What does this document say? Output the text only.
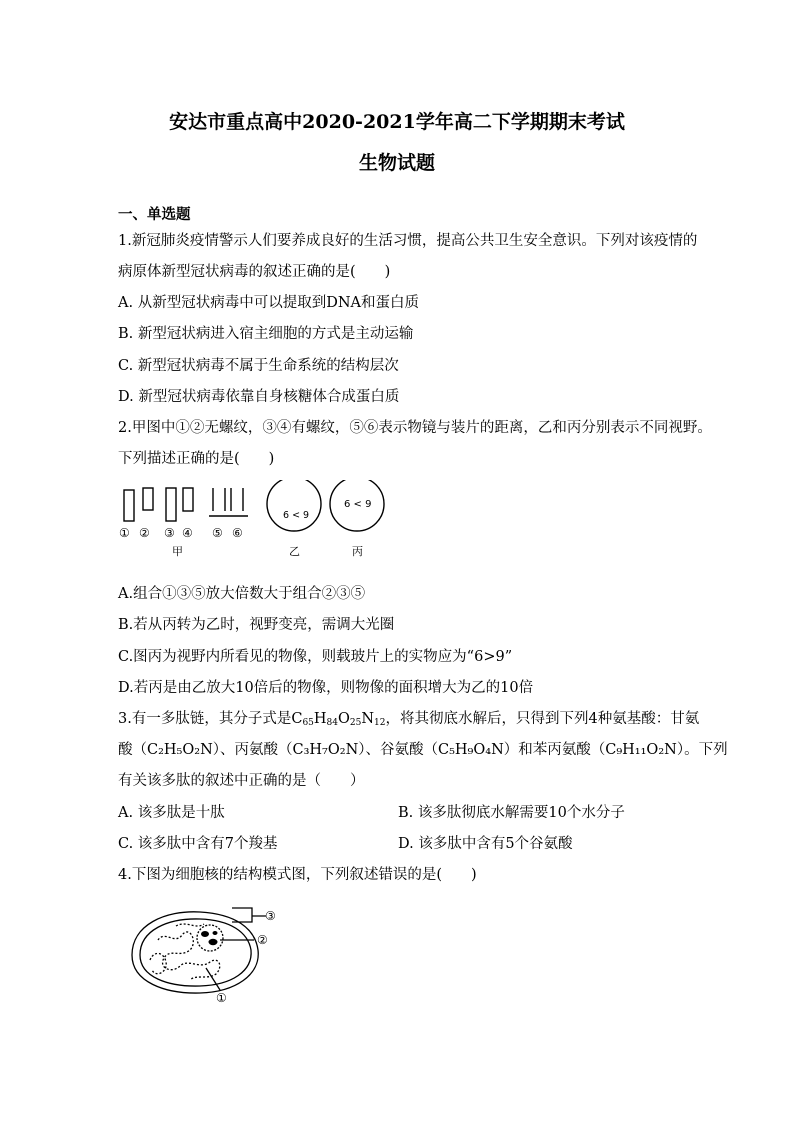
安达市重点高中2020-2021学年高二下学期期末考试
生物试题
一、单选题
1.新冠肺炎疫情警示人们要养成良好的生活习惯，提高公共卫生安全意识。下列对该疫情的
病原体新型冠状病毒的叙述正确的是(　　)
A. 从新型冠状病毒中可以提取到DNA和蛋白质
B. 新型冠状病进入宿主细胞的方式是主动运输
C. 新型冠状病毒不属于生命系统的结构层次
D. 新型冠状病毒依靠自身核糖体合成蛋白质
2.甲图中①②无螺纹，③④有螺纹，⑤⑥表示物镜与装片的距离，乙和丙分别表示不同视野。
下列描述正确的是(　　)
① ② ③ ④ ⑤ ⑥
甲	乙	丙
6 < 9
6 < 9
A.组合①③⑤放大倍数大于组合②③⑤
B.若从丙转为乙时，视野变亮，需调大光圈
C.图丙为视野内所看见的物像，则载玻片上的实物应为“6>9”
D.若丙是由乙放大10倍后的物像，则物像的面积增大为乙的10倍
3.有一多肽链，其分子式是$C_{65}H_{84}O_{25}N_{12}$，将其彻底水解后，只得到下列4种氨基酸：甘氨
酸（C₂H₅O₂N）、丙氨酸（C₃H₇O₂N）、谷氨酸（C₅H₉O₄N）和苯丙氨酸（C₉H₁₁O₂N）。下列
有关该多肽的叙述中正确的是（　　）
A. 该多肽是十肽	B. 该多肽彻底水解需要10个水分子
C. 该多肽中含有7个羧基	D. 该多肽中含有5个谷氨酸
4.下图为细胞核的结构模式图，下列叙述错误的是(　　)
③
②
①
